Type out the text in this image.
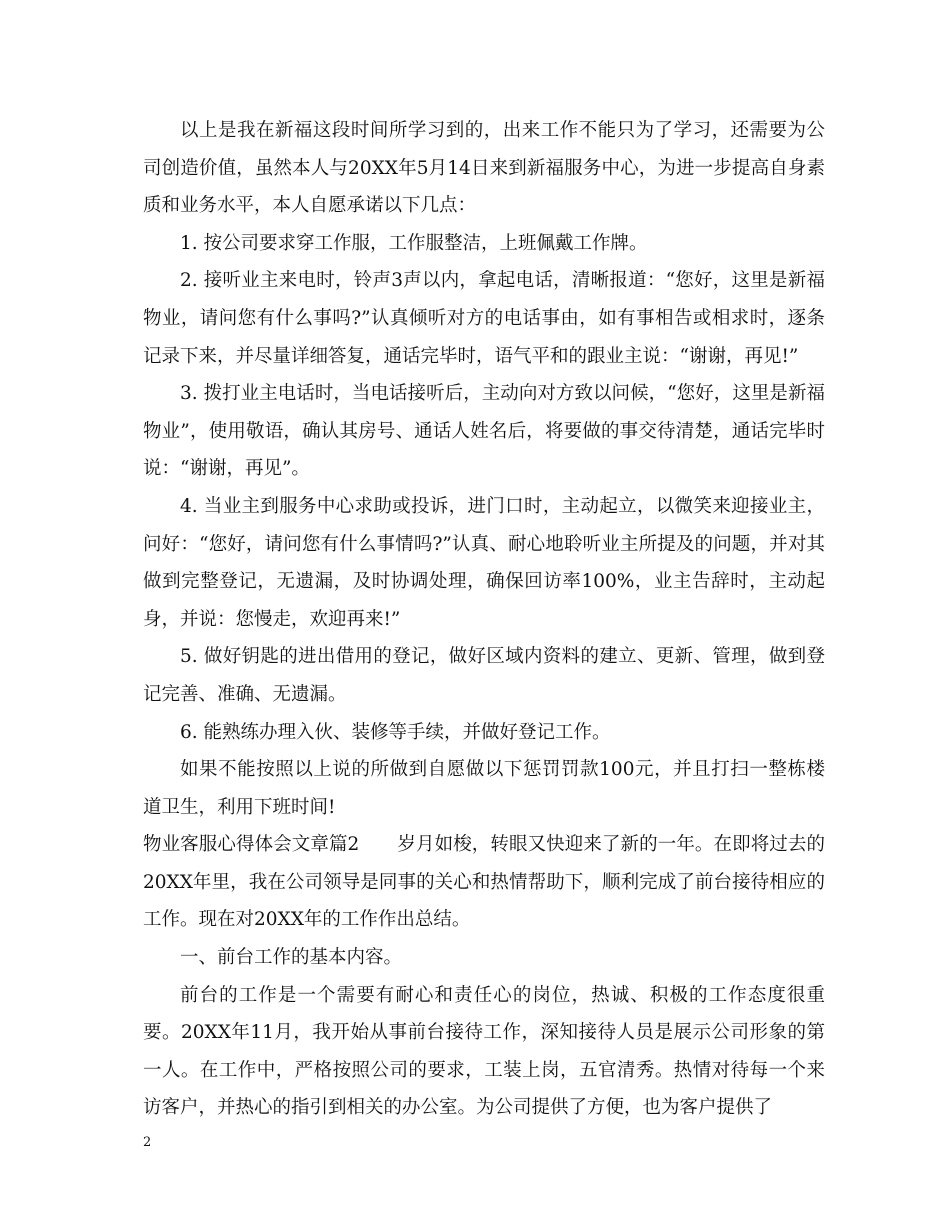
以上是我在新福这段时间所学习到的，出来工作不能只为了学习，还需要为公司创造价值，虽然本人与20XX年5月14日来到新福服务中心，为进一步提高自身素质和业务水平，本人自愿承诺以下几点：

1. 按公司要求穿工作服，工作服整洁，上班佩戴工作牌。

2. 接听业主来电时，铃声3声以内，拿起电话，清晰报道：“您好，这里是新福物业，请问您有什么事吗?”认真倾听对方的电话事由，如有事相告或相求时，逐条记录下来，并尽量详细答复，通话完毕时，语气平和的跟业主说：“谢谢，再见!”

3. 拨打业主电话时，当电话接听后，主动向对方致以问候，“您好，这里是新福物业”，使用敬语，确认其房号、通话人姓名后，将要做的事交待清楚，通话完毕时说：“谢谢，再见”。

4. 当业主到服务中心求助或投诉，进门口时，主动起立，以微笑来迎接业主，问好：“您好，请问您有什么事情吗?”认真、耐心地聆听业主所提及的问题，并对其做到完整登记，无遗漏，及时协调处理，确保回访率100%，业主告辞时，主动起身，并说：您慢走，欢迎再来!”

5. 做好钥匙的进出借用的登记，做好区域内资料的建立、更新、管理，做到登记完善、准确、无遗漏。

6. 能熟练办理入伙、装修等手续，并做好登记工作。

如果不能按照以上说的所做到自愿做以下惩罚罚款100元，并且打扫一整栋楼道卫生，利用下班时间!

物业客服心得体会文章篇2 岁月如梭，转眼又快迎来了新的一年。在即将过去的20XX年里，我在公司领导是同事的关心和热情帮助下，顺利完成了前台接待相应的工作。现在对20XX年的工作作出总结。

一、前台工作的基本内容。

前台的工作是一个需要有耐心和责任心的岗位，热诚、积极的工作态度很重要。20XX年11月，我开始从事前台接待工作，深知接待人员是展示公司形象的第一人。在工作中，严格按照公司的要求，工装上岗，五官清秀。热情对待每一个来访客户，并热心的指引到相关的办公室。为公司提供了方便，也为客户提供了

2
